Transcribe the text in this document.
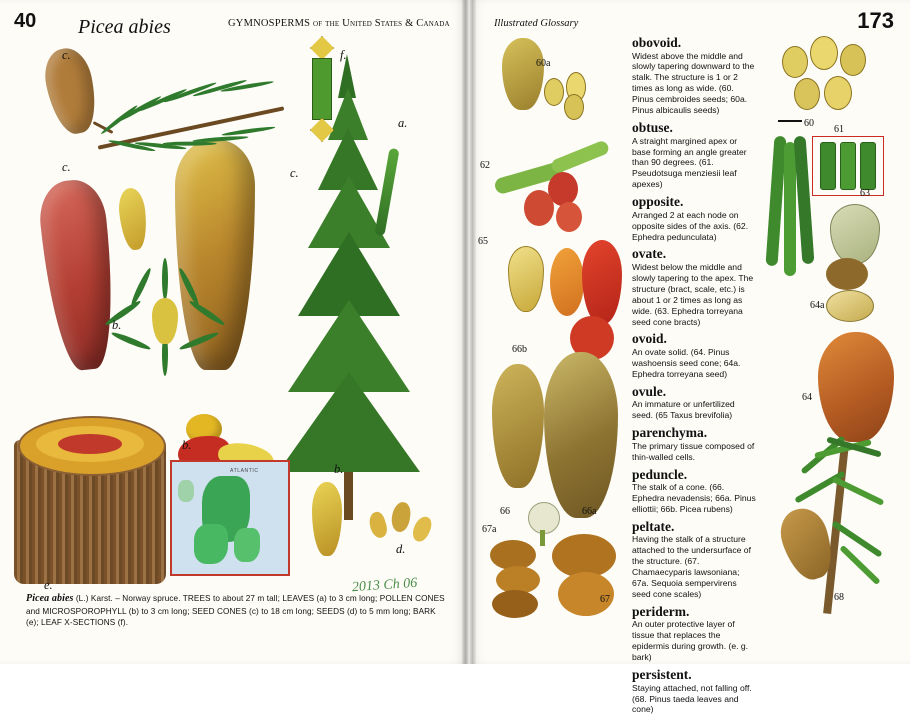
40 Picea abies	GYMNOSPERMS of the United States & Canada
ATLANTIC
c.
c.
b.
a.
f.
c.
b.
b.
d.
e.	2013 Ch 06
Picea abies (L.) Karst. – Norway spruce. TREES to about 27 m tall; LEAVES (a) to 3 cm long; POLLEN CONES and MICROSPOROPHYLL (b) to 3 cm long; SEED CONES (c) to 18 cm long; SEEDS (d) to 5 mm long; BARK (e); LEAF X-SECTIONS (f).
173
Illustrated Glossary
60a
62
65
66b
66	66a
67a
67
obovoid.
Widest above the middle and slowly tapering downward to the stalk. The structure is 1 or 2 times as long as wide. (60. Pinus cembroides seeds; 60a. Pinus albicaulis seeds)
obtuse.
A straight margined apex or base forming an angle greater than 90 degrees. (61. Pseudotsuga menziesii leaf apexes)
opposite.
Arranged 2 at each node on opposite sides of the axis. (62. Ephedra pedunculata)
ovate.
Widest below the middle and slowly tapering to the apex. The structure (bract, scale, etc.) is about 1 or 2 times as long as wide. (63. Ephedra torreyana seed cone bracts)
ovoid.
An ovate solid. (64. Pinus washoensis seed cone; 64a. Ephedra torreyana seed)
ovule.
An immature or unfertilized seed. (65 Taxus brevifolia)
parenchyma.
The primary tissue composed of thin-walled cells.
peduncle.
The stalk of a cone. (66. Ephedra nevadensis; 66a. Pinus elliottii; 66b. Picea rubens)
peltate.
Having the stalk of a structure attached to the undersurface of the structure. (67. Chamaecyparis lawsoniana; 67a. Sequoia sempervirens seed cone scales)
periderm.
An outer protective layer of tissue that replaces the epidermis during growth. (e. g. bark)
persistent.
Staying attached, not falling off. (68. Pinus taeda leaves and cone)
60
61
63
64a
64
68
